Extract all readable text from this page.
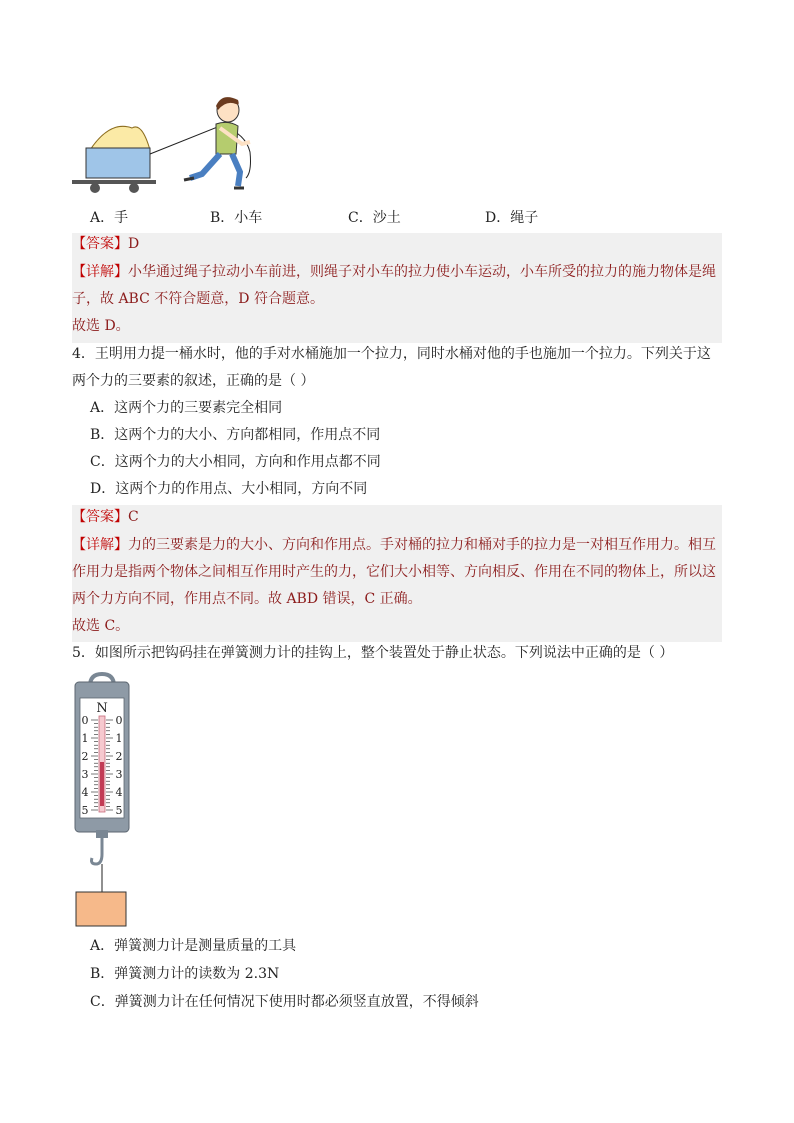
A．手	B．小车	C．沙土	D．绳子
【答案】D
【详解】小华通过绳子拉动小车前进，则绳子对小车的拉力使小车运动，小车所受的拉力的施力物体是绳
子，故 ABC 不符合题意，D 符合题意。
故选 D。
4．王明用力提一桶水时，他的手对水桶施加一个拉力，同时水桶对他的手也施加一个拉力。下列关于这
两个力的三要素的叙述，正确的是（ ）
A．这两个力的三要素完全相同
B．这两个力的大小、方向都相同，作用点不同
C．这两个力的大小相同，方向和作用点都不同
D．这两个力的作用点、大小相同，方向不同
【答案】C
【详解】力的三要素是力的大小、方向和作用点。手对桶的拉力和桶对手的拉力是一对相互作用力。相互
作用力是指两个物体之间相互作用时产生的力，它们大小相等、方向相反、作用在不同的物体上，所以这
两个力方向不同，作用点不同。故 ABD 错误，C 正确。
故选 C。
5．如图所示把钩码挂在弹簧测力计的挂钩上，整个装置处于静止状态。下列说法中正确的是（ ）
N
0 0
1 1
2 2
3 3
4 4
5 5
A．弹簧测力计是测量质量的工具
B．弹簧测力计的读数为 2.3N
C．弹簧测力计在任何情况下使用时都必须竖直放置，不得倾斜
